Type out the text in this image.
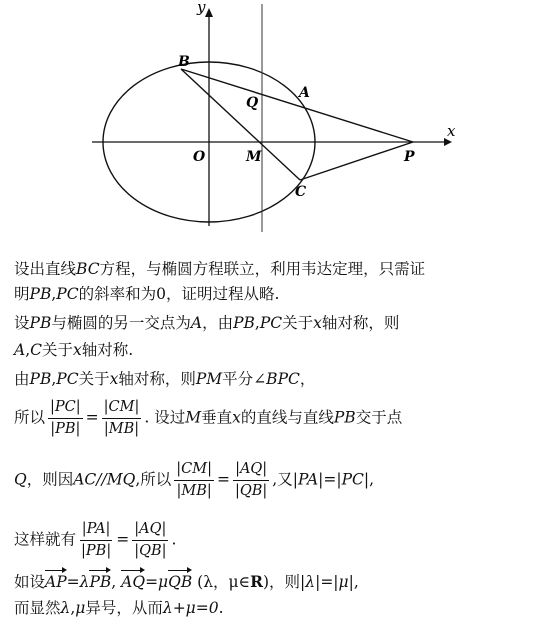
y
x
B
Q
A
O	M	P
C
设出直线BC方程，与椭圆方程联立，利用韦达定理，只需证
明PB,PC的斜率和为0，证明过程从略.
设PB与椭圆的另一交点为A，由PB,PC关于x轴对称，则
A,C关于x轴对称.
由PB,PC关于x轴对称，则PM平分∠BPC，
所以 $\frac{|PC|}{|PB|} = \frac{|CM|}{|MB|}$ . 设过M垂直x的直线与直线PB交于点
Q，则因AC//MQ,所以 $\frac{|CM|}{|MB|} = \frac{|AQ|}{|QB|}$ ,又|PA|=|PC|,
这样就有 $\frac{|PA|}{|PB|} = \frac{|AQ|}{|QB|}$ .
如设AP=λPB, AQ=μQB (λ，μ∈R)，则|λ|=|μ|,
而显然λ,μ异号，从而λ+μ=0.
